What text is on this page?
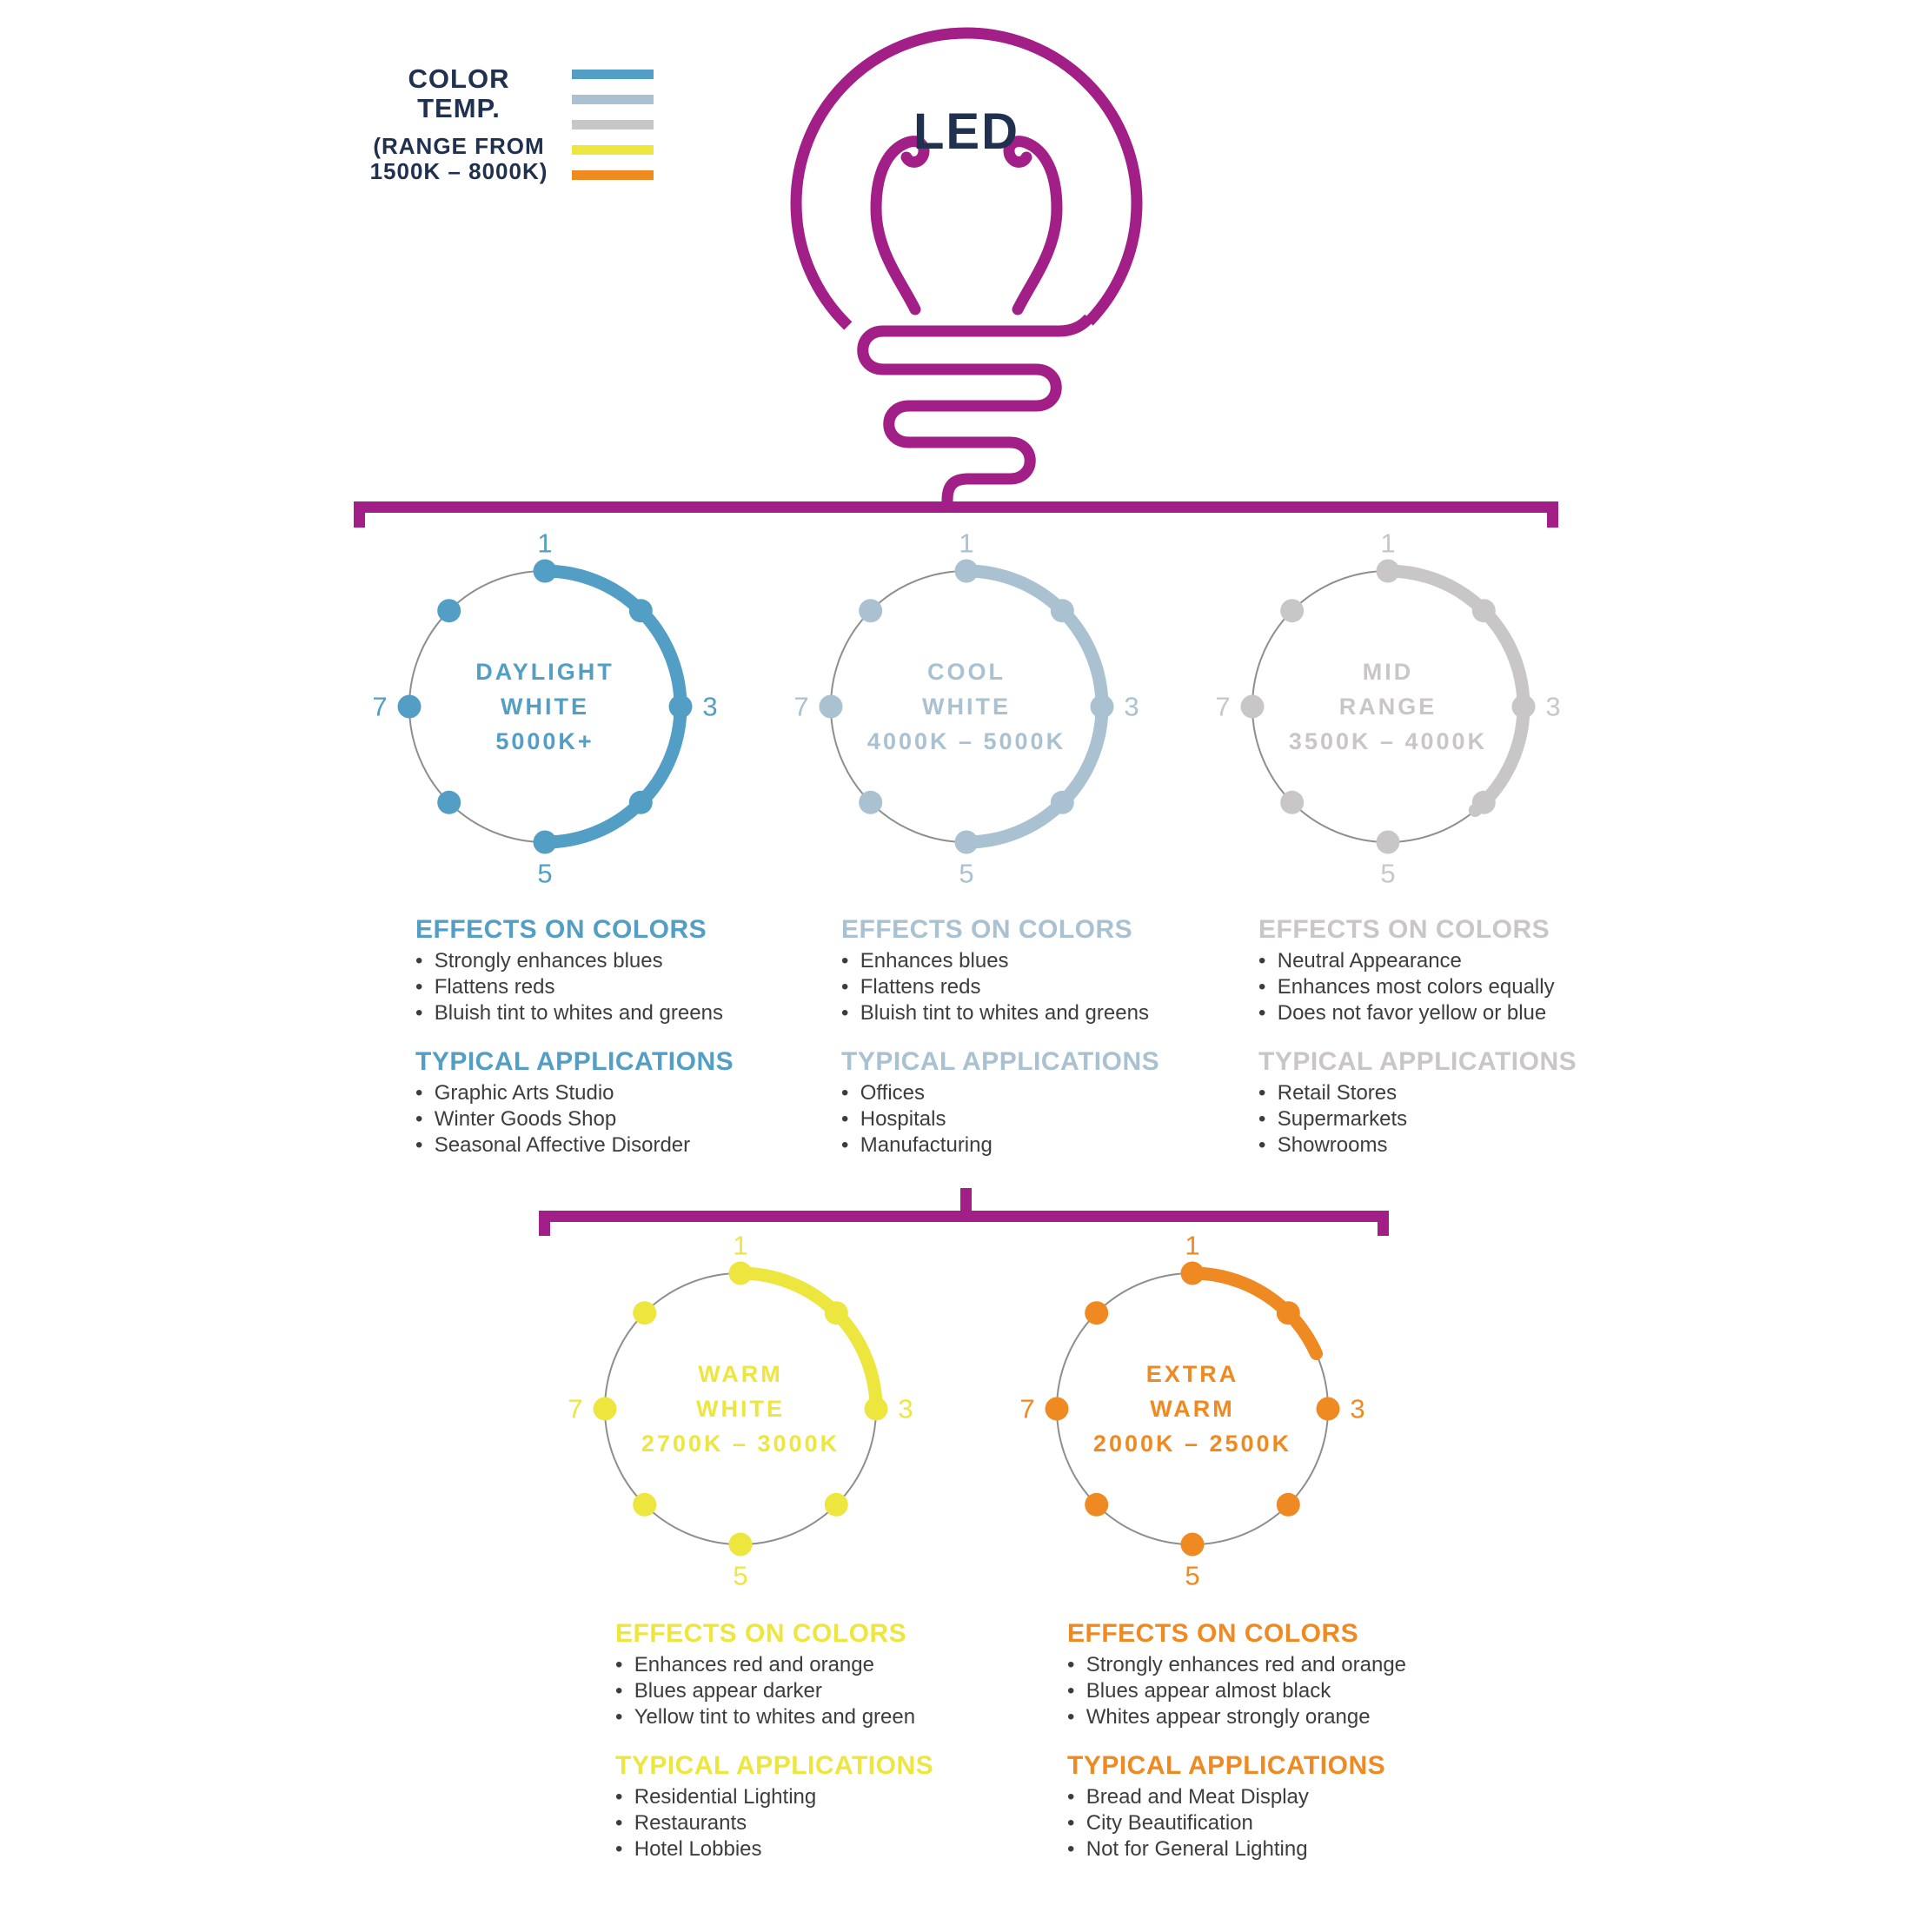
COLOR TEMP.
(RANGE FROM
1500K – 8000K)
LED
1
3
5
7
DAYLIGHT
WHITE
5000K+
EFFECTS ON COLORS
•  Strongly enhances blues
•  Flattens reds
•  Bluish tint to whites and greens
TYPICAL APPLICATIONS
•  Graphic Arts Studio
•  Winter Goods Shop
•  Seasonal Affective Disorder
1
3
5
7
COOL
WHITE
4000K – 5000K
EFFECTS ON COLORS
•  Enhances blues
•  Flattens reds
•  Bluish tint to whites and greens
TYPICAL APPLICATIONS
•  Offices
•  Hospitals
•  Manufacturing
1
3
5
7
MID
RANGE
3500K – 4000K
EFFECTS ON COLORS
•  Neutral Appearance
•  Enhances most colors equally
•  Does not favor yellow or blue
TYPICAL APPLICATIONS
•  Retail Stores
•  Supermarkets
•  Showrooms
1
3
5
7
WARM
WHITE
2700K – 3000K
EFFECTS ON COLORS
•  Enhances red and orange
•  Blues appear darker
•  Yellow tint to whites and green
TYPICAL APPLICATIONS
•  Residential Lighting
•  Restaurants
•  Hotel Lobbies
1
3
5
7
EXTRA
WARM
2000K – 2500K
EFFECTS ON COLORS
•  Strongly enhances red and orange
•  Blues appear almost black
•  Whites appear strongly orange
TYPICAL APPLICATIONS
•  Bread and Meat Display
•  City Beautification
•  Not for General Lighting
